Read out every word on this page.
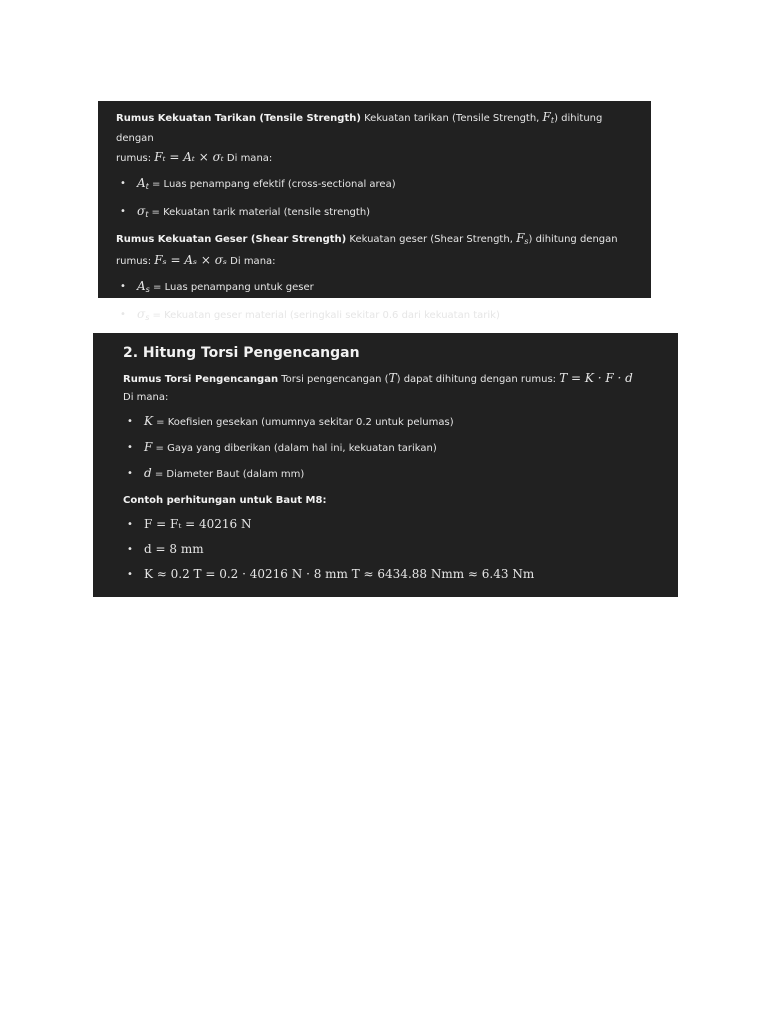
Rumus Kekuatan Tarikan (Tensile Strength) Kekuatan tarikan (Tensile Strength, $F_t$) dihitung dengan
rumus: Fₜ = Aₜ × σₜ Di mana:

• $A_t$ = Luas penampang efektif (cross-sectional area)
• $\sigma_t$ = Kekuatan tarik material (tensile strength)

Rumus Kekuatan Geser (Shear Strength) Kekuatan geser (Shear Strength, $F_s$) dihitung dengan
rumus: Fₛ = Aₛ × σₛ Di mana:

• $A_s$ = Luas penampang untuk geser
• $\sigma_s$ = Kekuatan geser material (seringkali sekitar 0.6 dari kekuatan tarik)
2. Hitung Torsi Pengencangan

Rumus Torsi Pengencangan Torsi pengencangan (T) dapat dihitung dengan rumus: T = K · F · d
Di mana:

• K = Koefisien gesekan (umumnya sekitar 0.2 untuk pelumas)
• F = Gaya yang diberikan (dalam hal ini, kekuatan tarikan)
• d = Diameter Baut (dalam mm)
Contoh perhitungan untuk Baut M8:
• F = Fₜ = 40216 N
• d = 8 mm
• K ≈ 0.2 T = 0.2 · 40216 N · 8 mm T ≈ 6434.88 Nmm ≈ 6.43 Nm
